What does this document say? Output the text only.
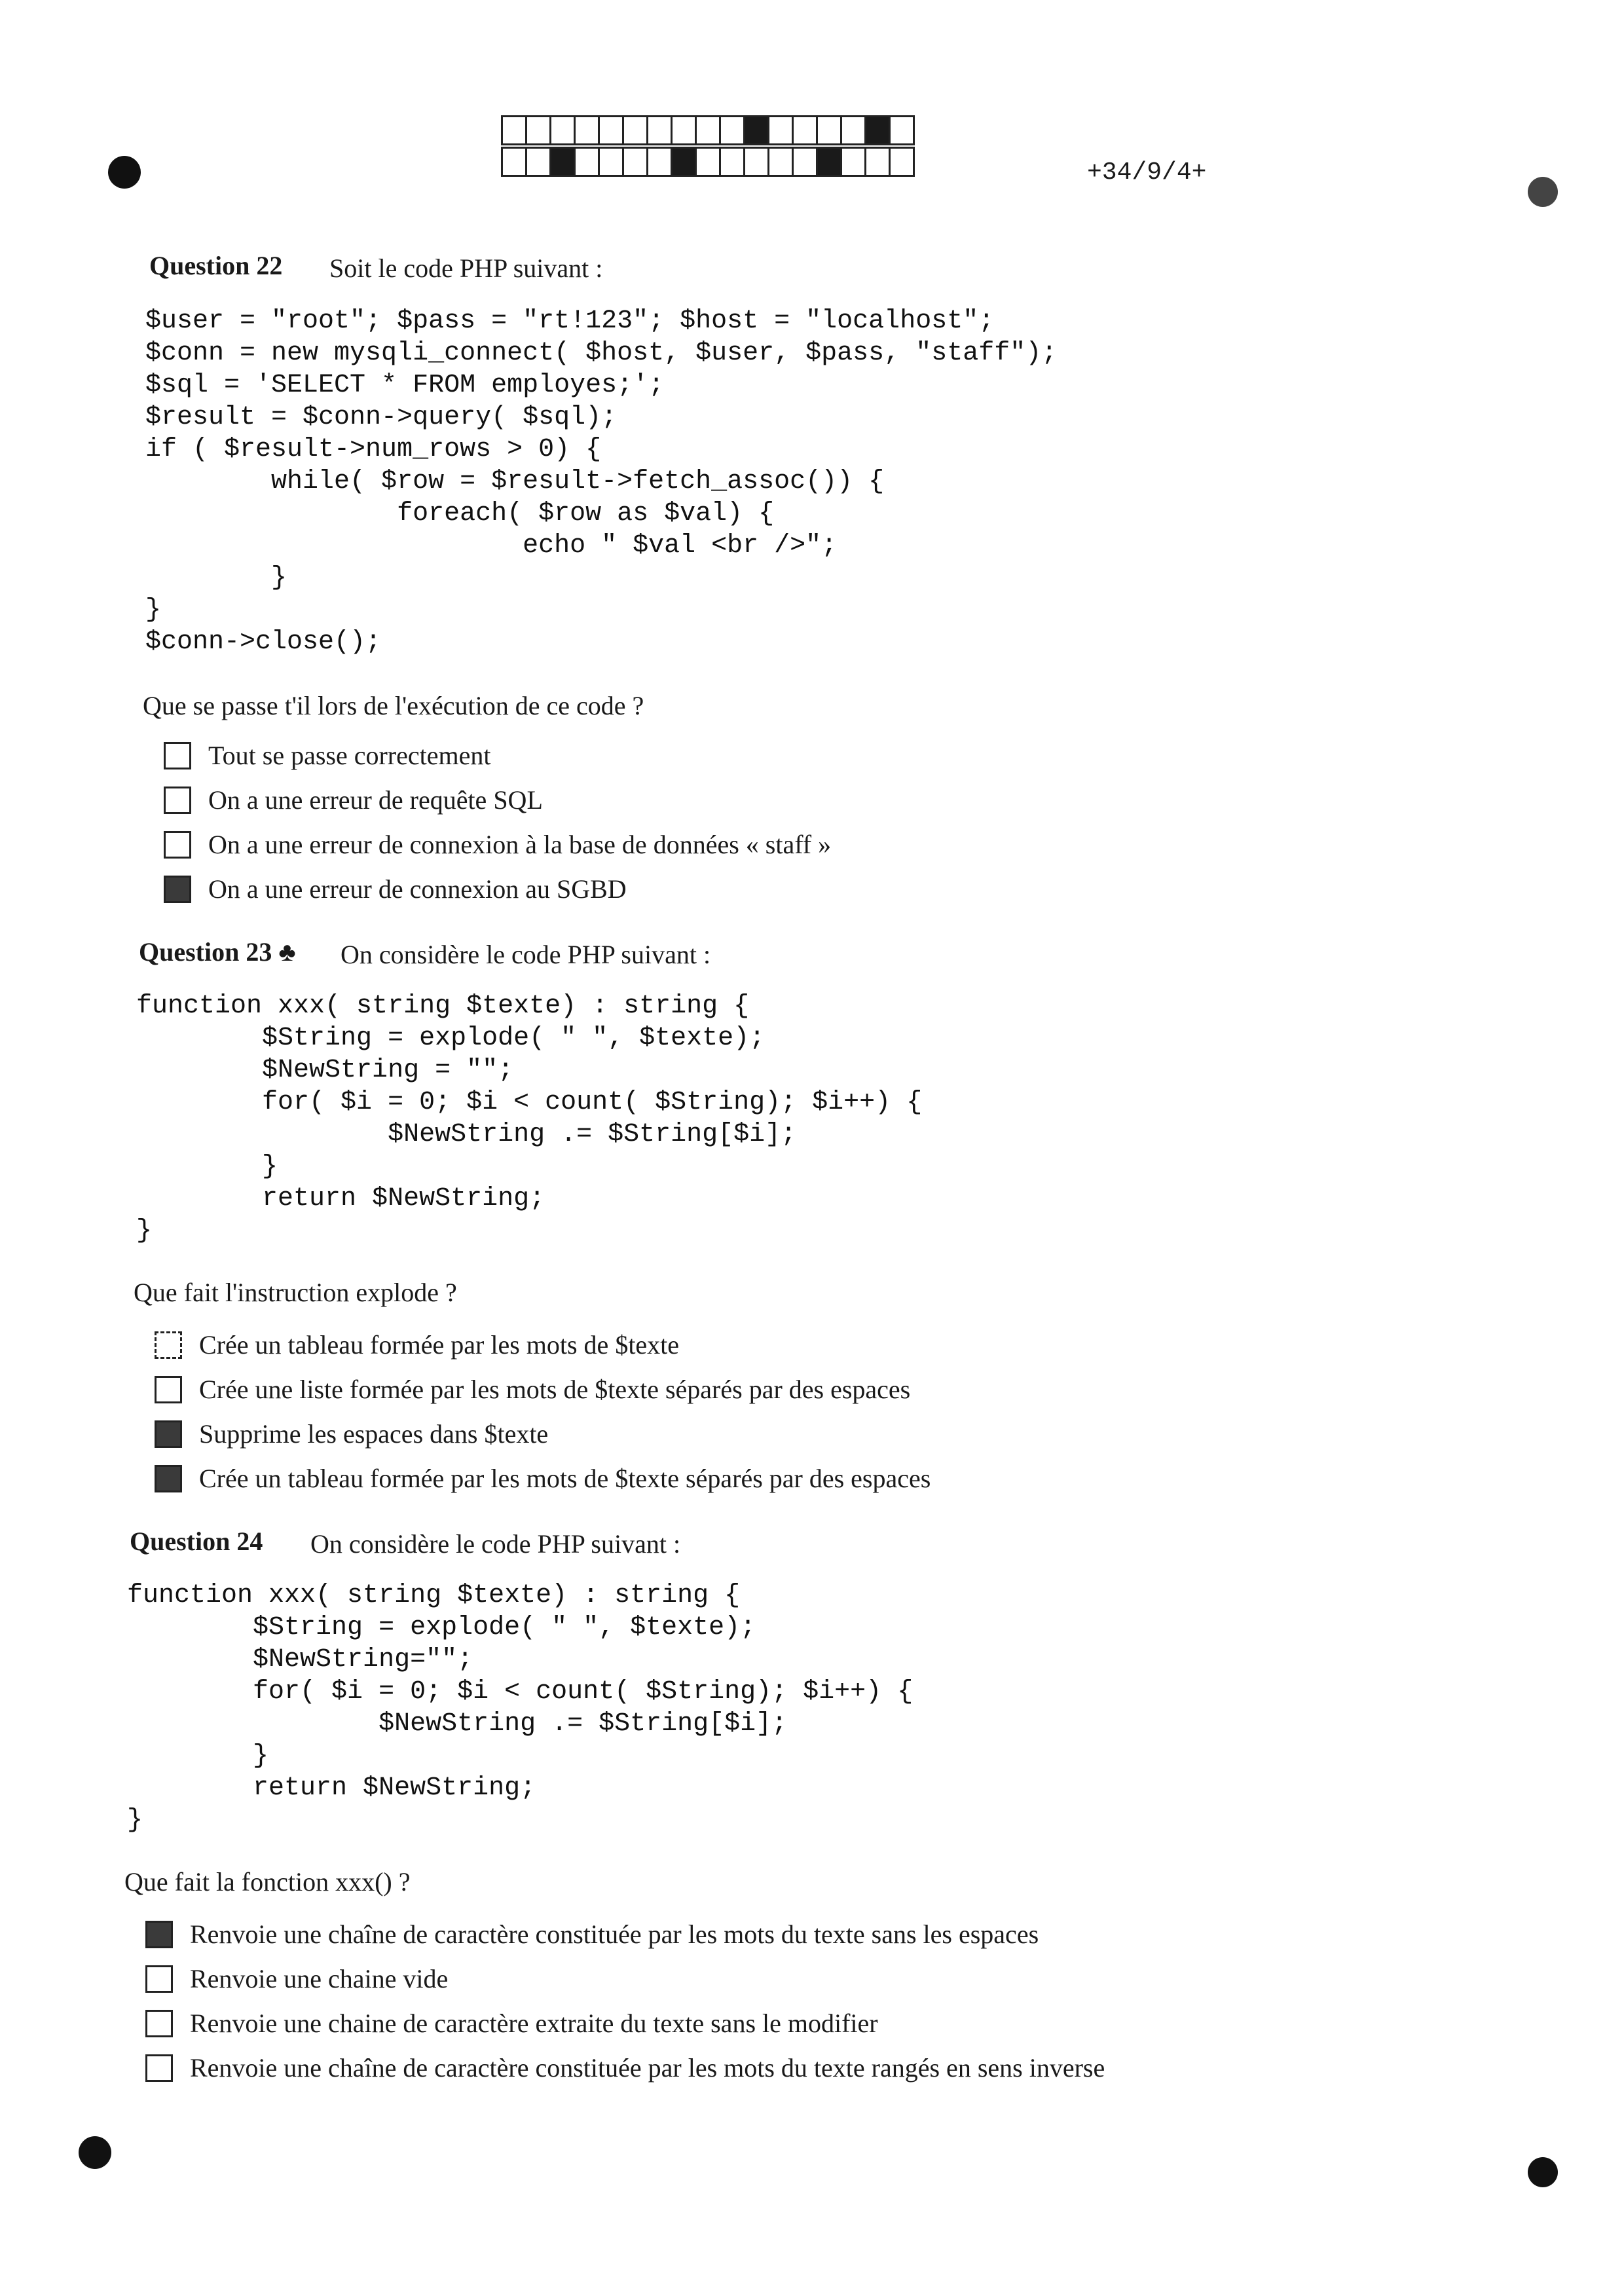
+34/9/4+
Question 22 Soit le code PHP suivant :
$user = "root"; $pass = "rt!123"; $host = "localhost";
$conn = new mysqli_connect( $host, $user, $pass, "staff");
$sql = 'SELECT * FROM employes;';
$result = $conn->query( $sql);
if ( $result->num_rows > 0) {
while( $row = $result->fetch_assoc()) {
foreach( $row as $val) {
echo " $val <br />";
}
}
$conn->close();
Que se passe t'il lors de l'exécution de ce code ?
Tout se passe correctement
On a une erreur de requête SQL
On a une erreur de connexion à la base de données « staff »
On a une erreur de connexion au SGBD
Question 23 ♣ On considère le code PHP suivant :
function xxx( string $texte) : string {
$String = explode( " ", $texte);
$NewString = "";
for( $i = 0; $i < count( $String); $i++) {
$NewString .= $String[$i];
}
return $NewString;
}
Que fait l'instruction explode ?
Crée un tableau formée par les mots de $texte
Crée une liste formée par les mots de $texte séparés par des espaces
Supprime les espaces dans $texte
Crée un tableau formée par les mots de $texte séparés par des espaces
Question 24 On considère le code PHP suivant :
function xxx( string $texte) : string {
$String = explode( " ", $texte);
$NewString="";
for( $i = 0; $i < count( $String); $i++) {
$NewString .= $String[$i];
}
return $NewString;
}
Que fait la fonction xxx() ?
Renvoie une chaîne de caractère constituée par les mots du texte sans les espaces
Renvoie une chaine vide
Renvoie une chaine de caractère extraite du texte sans le modifier
Renvoie une chaîne de caractère constituée par les mots du texte rangés en sens inverse
